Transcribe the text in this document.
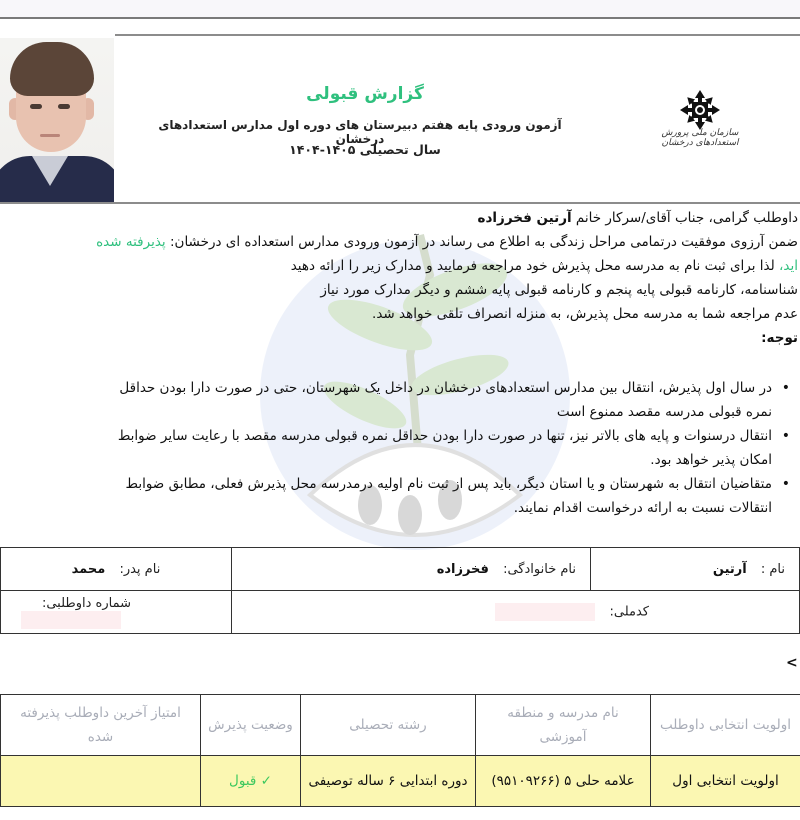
گزارش قبولی
آزمون ورودی پایه هفتم دبیرستان های دوره اول مدارس استعدادهای درخشان
سال تحصیلی ۱۴۰۵-۱۴۰۴
سازمان ملی پرورش استعدادهای درخشان
داوطلب گرامی، جناب آقای/سرکار خانم آرتین فخرزاده
ضمن آرزوی موفقیت درتمامی مراحل زندگی به اطلاع می رساند در آزمون ورودی مدارس استعداده ای درخشان: پذیرفته شده
اید، لذا برای ثبت نام به مدرسه محل پذیرش خود مراجعه فرمایید و مدارک زیر را ارائه دهید
شناسنامه، کارنامه قبولی پایه پنجم و کارنامه قبولی پایه ششم و دیگر مدارک مورد نیاز
عدم مراجعه شما به مدرسه محل پذیرش، به منزله انصراف تلقی خواهد شد.
توجه:
• در سال اول پذیرش، انتقال بین مدارس استعدادهای درخشان در داخل یک شهرستان، حتی در صورت دارا بودن حداقل
نمره قبولی مدرسه مقصد ممنوع است
• انتقال درسنوات و پایه های بالاتر نیز، تنها در صورت دارا بودن حداقل نمره قبولی مدرسه مقصد با رعایت سایر ضوابط
امکان پذیر خواهد بود.
• متقاضیان انتقال به شهرستان و یا استان دیگر، باید پس از ثبت نام اولیه درمدرسه محل پذیرش فعلی، مطابق ضوابط
انتقالات نسبت به ارائه درخواست اقدام نمایند.
نام : آرتین	نام خانوادگی: فخرزاده	نام پدر: محمد
کدملی:		شماره داوطلبی:
<
اولویت انتخابی داوطلب	نام مدرسه و منطقه آموزشی	رشته تحصیلی	وضعیت پذیرش	امتیاز آخرین داوطلب پذیرفته شده
اولویت انتخابی اول	علامه حلی ۵ (۹۵۱۰۹۲۶۶)	دوره ابتدایی ۶ ساله توصیفی	✓ قبول	
